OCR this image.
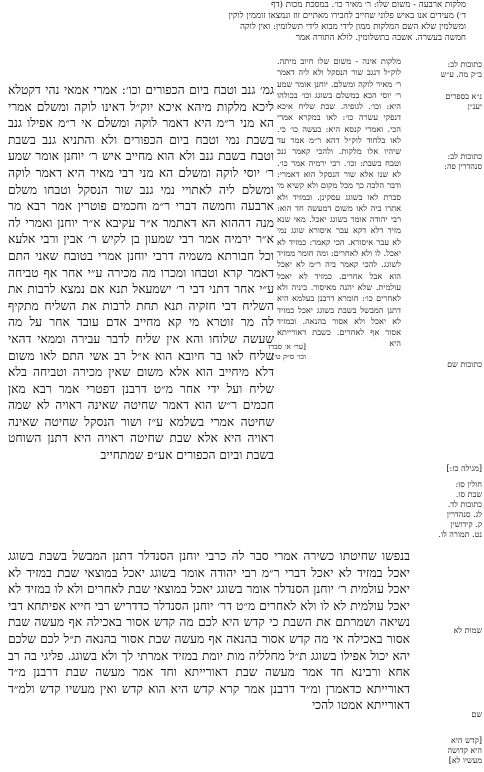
מלקות ארבעה - משום שלו: ר׳ מאיר כו׳. במסכת מכות (דף
ד׳) מעידים אנו באיש פלוני שחייב לחבירו מאתיים זוז ונמצאו זוממין לוקין
ומשלמין שלא השם המלקות ממון לידי מבוא לידי תשלומין: ואין לוקה
חמשה בעשרה. אשבה בתשלומין. לולא התורה אמר
גמ׳ גנב וטבח ביום הכפורים וכו׳: אמרי אמאי נהי דקטלא ליכא מלקות מיהא איכא יוק״ל דאינו לוקה ומשלם אמרי הא מני ר״מ היא דאמר לוקה ומשלם אי ר״מ אפילו גנב בשבת נמי וטבח ביום הכפורים ולא והתניא גנב בשבת וטבח בשבת גנב ולא הוא מחייב איש ר׳ יוחנן אומר שמע ר׳ יוסי לוקה ומשלם הא מני רבי מאיר היא דאמר לוקה ומשלם ליה לאתויי נמי גנב שור הנסקל וטבחו משלם ארבעה וחמשה דברי ר״מ וחכמים פוטרין אמר רבא מר מנה דההוא הא דאתמר א״ר עקיבא א״ר יוחנן ואמרי לה א״ר ירמיה אמר רבי שמעון בן לקיש ר׳ אבין ורבי אלעא וכל חבורתא משמיה דרבי יוחנן אמרי בטובח שאני התם דאמר קרא וטבחו ומכרו מה מכירה ע״י אחר אף טביחה ע״י אחר דתני דבי ר׳ ישמעאל תנא אם נמצא לרבות את השליח דבי חזקיה תנא תחת לרבות את השליח מתקיף לה מר זוטרא מי קא מחייב אדם עובד אחר על מה שעשה שלוחו והא אין שליח לדבר עבירה וממאי דהאי שליח לאו בר חיובא הוא א״ל רב אשי התם לאו משום דלא מיחייב הוא אלא משום שאין מכירה וטביחה בלא שליח ועל ידי אחר מ״ט דרבנן דפטרי אמר רבא מאן חכמים ר״ש הוא דאמר שחיטה שאינה ראויה לא שמה שחיטה אמרי בשלמא ע״ז ושור הנסקל שחיטה שאינה ראויה היא אלא שבת שחיטה ראויה היא דתנן השוחט בשבת וביום הכפורים אע״פ שמתחייב
מלקות אינה - משום שלו חיוב מיתה. לוק״ל דנגב שור הנסקל ולא ליה דאמר ר׳ מאיר לוקה ומשלם. יוחנן אומר שמע ר׳ יוסי הכא במשלם בשוגג וכו׳ בכולהו היא: וכו׳. לגופיה. שבת שליח איכא דנפקי עשרה כו׳: לאו במקרא אמרי הכי. ואמרי קנסא היא: בעשה כו׳ כי. לאו בלחוד לוק״ל דהא ר״מ אמר עד שיהיו אלו מלקות. ולהכי קאמר גנב וטבח בשבת: וכו׳. רבי ירמיה אמר כו׳. לא שנו אלא שור הנסקל הוא דאמרי: ודבר הלכה כך מכל מקום ולא קשיא מי סברת לאו בשוגג עסקינן. ובמזיד ולא אתרו ביה לאו משום דמעשה חד הוא: רבי יהודה אומר בשוגג יאכל. מאי שנא מזיד דלא דקא עבר איסורא שוגג נמי לא עבר איסורא. הכי קאמר: כמזיד לא יאכל. לו ולא לאחרים: ומה חומר ממזיד לשוגג. להכי קאמר ביה ר״מ לא יאכל הוא אבל אחרים. כמזיד לא יאכל עולמית. שלא יהנה מאיסור. ביניה ולא לאחרים כו׳: חומרא דרבנן בעלמא היא דתנן המבשל בשבת בשוגג יאכל כמזיד לא יאכל ולא אסור בהנאה. ובמזיד אסור אף לאחרים. כשבת דאורייתא היא
[ער׳ א׳ סברו
וכו׳ ס״ק ט׳]
בנפשו שחיטתו כשירה אמרי סבר לה כרבי יוחנן הסנדלר דתנן המבשל בשבת בשוגג יאכל במזיד לא יאכל דברי ר״מ רבי יהודה אומר בשוגג יאכל במוצאי שבת במזיד לא יאכל עולמית ר׳ יוחנן הסנדלר אומר בשוגג יאכל במוצאי שבת לאחרים ולא לו במזיד לא יאכל עולמית לא לו ולא לאחרים מ״ט דר׳ יוחנן הסנדלר כדדריש רבי חייא אפיתחא דבי נשיאה ושמרתם את השבת כי קדש היא לכם מה קדש אסור באכילה אף מעשה שבת אסור באכילה אי מה קדש אסור בהנאה אף מעשה שבת אסור בהנאה ת״ל לכם שלכם יהא יכול אפילו בשוגג ת״ל מחלליה מות יומת במזיד אמרתי לך ולא בשוגג. פליגי בה רב אחא ורבינא חד אמר מעשה שבת דאורייתא וחד אמר מעשה שבת דרבנן מ״ד דאורייתא כדאמרן ומ״ד דרבנן אמר קרא קדש היא הוא קדש ואין מעשיו קדש ולמ״ד דאורייתא אמטו להכי
כתובות לב:
ב״ק מה. ע״ש
נ״א בספרים
יענ״ן
כתובות לב:
סנהדרין פה:
כתובות שם
[מגילה כז:]
חולין סו:
שבת סו.
כתובות לד.
לג. סנהדרין
ק. קידושין
נט. תמורה לו.
שמות לא
שם
[קדש היא
היא קדושה
מעשיו לא]
